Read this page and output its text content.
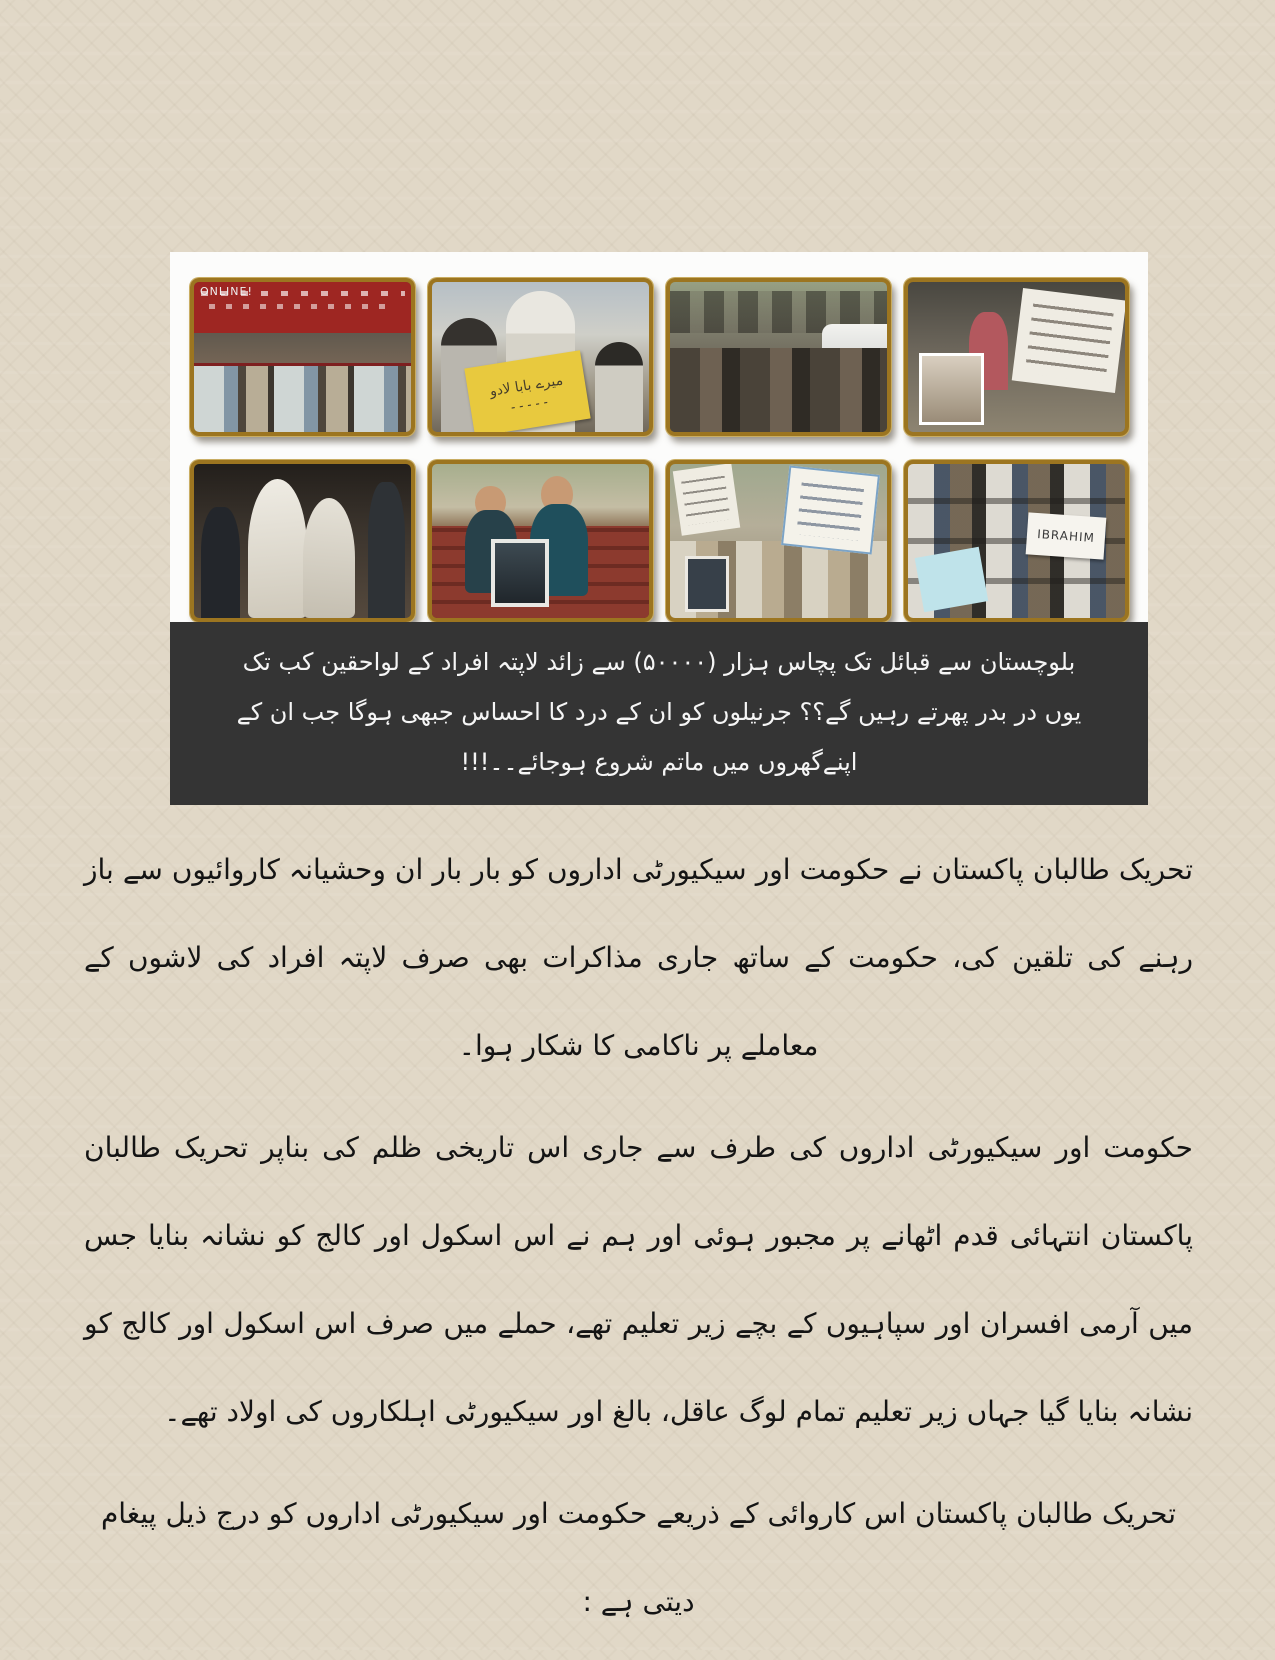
ONLINE!
میرے بابا لادو ۔۔۔۔۔
IBRAHIM
بلوچستان سے قبائل تک پچاس ہزار (۵۰۰۰۰) سے زائد لاپتہ افراد کے لواحقین کب تک
یوں در بدر پھرتے رہیں گے؟؟ جرنیلوں کو ان کے درد کا احساس جبھی ہوگا جب ان کے
اپنےگھروں میں ماتم شروع ہوجائے۔۔!!!

تحریک طالبان پاکستان نے حکومت اور سیکیورٹی اداروں کو بار بار ان وحشیانہ کاروائیوں سے باز رہنے کی تلقین کی، حکومت کے ساتھ جاری مذاکرات بھی صرف لاپتہ افراد کی لاشوں کے معاملے پر ناکامی کا شکار ہوا۔

حکومت اور سیکیورٹی اداروں کی طرف سے جاری اس تاریخی ظلم کی بناپر تحریک طالبان پاکستان انتہائی قدم اٹھانے پر مجبور ہوئی اور ہم نے اس اسکول اور کالج کو نشانہ بنایا جس میں آرمی افسران اور سپاہیوں کے بچے زیر تعلیم تھے، حملے میں صرف اس اسکول اور کالج کو نشانہ بنایا گیا جہاں زیر تعلیم تمام لوگ عاقل، بالغ اور سیکیورٹی اہلکاروں کی اولاد تھے۔

تحریک طالبان پاکستان اس کاروائی کے ذریعے حکومت اور سیکیورٹی اداروں کو درج ذیل پیغام دیتی ہے :
